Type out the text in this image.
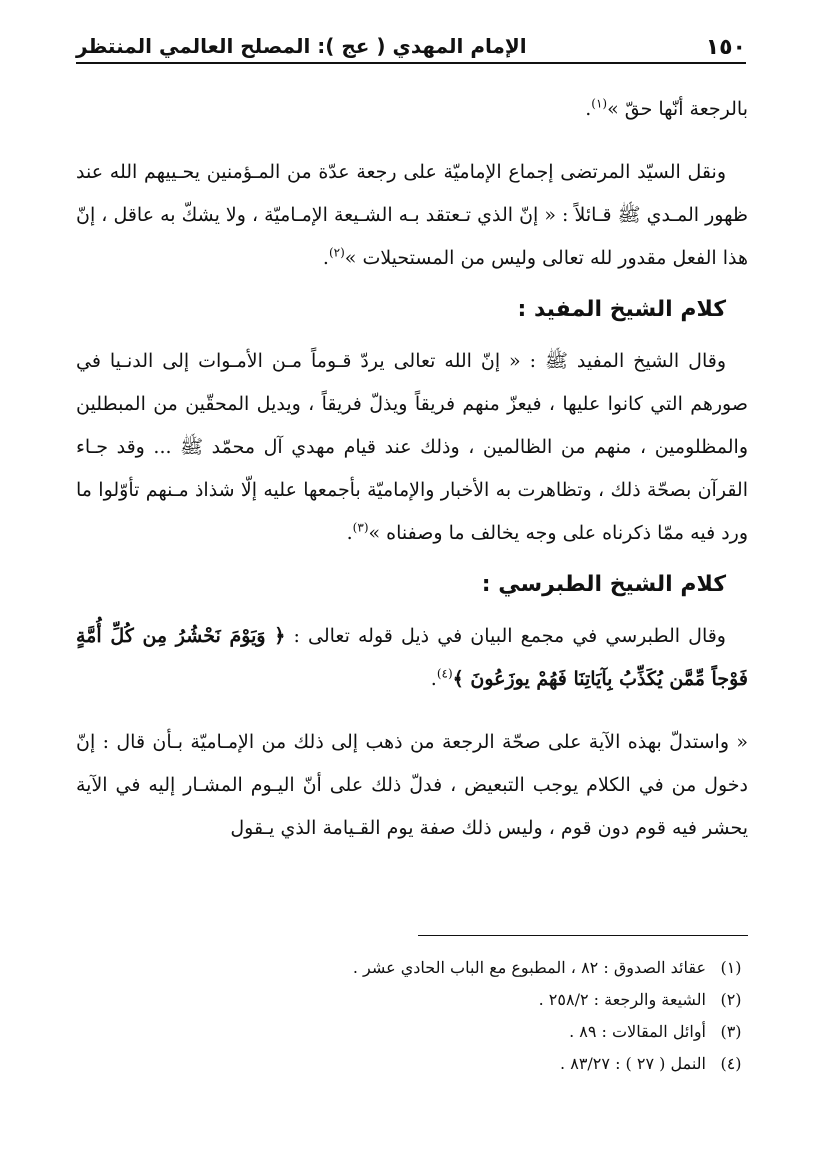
١٥٠
الإمام المهدي ( عج ): المصلح العالمي المنتظر

بالرجعة أنّها حقّ »$^{(١)}$.

ونقل السيّد المرتضى إجماع الإماميّة على رجعة عدّة من المـؤمنين يحـييهم الله عند ظهور المـدي ﷺ قـائلاً : « إنّ الذي تـعتقد بـه الشـيعة الإمـاميّة ، ولا يشكّ به عاقل ، إنّ هذا الفعل مقدور لله تعالى وليس من المستحيلات »$^{(٢)}$.

كلام الشيخ المفيد :

وقال الشيخ المفيد ﷺ : « إنّ الله تعالى يردّ قـوماً مـن الأمـوات إلى الدنـيا في صورهم التي كانوا عليها ، فيعزّ منهم فريقاً ويذلّ فريقاً ، ويديل المحقّين من المبطلين والمظلومين ، منهم من الظالمين ، وذلك عند قيام مهدي آل محمّد ﷺ ... وقد جـاء القرآن بصحّة ذلك ، وتظاهرت به الأخبار والإماميّة بأجمعها عليه إلّا شذاذ مـنهم تأوّلوا ما ورد فيه ممّا ذكرناه على وجه يخالف ما وصفناه »$^{(٣)}$.

كلام الشيخ الطبرسي :

وقال الطبرسي في مجمع البيان في ذيل قوله تعالى : ﴿ وَيَوْمَ نَحْشُرُ مِن كُلِّ أُمَّةٍ فَوْجاً مِّمَّن يُكَذِّبُ بِآيَاتِنَا فَهُمْ يوزَعُونَ ﴾$^{(٤)}$.

« واستدلّ بهذه الآية على صحّة الرجعة من ذهب إلى ذلك من الإمـاميّة بـأن قال : إنّ دخول من في الكلام يوجب التبعيض ، فدلّ ذلك على أنّ اليـوم المشـار إليه في الآية يحشر فيه قوم دون قوم ، وليس ذلك صفة يوم القـيامة الذي يـقول

(١)
عقائد الصدوق : ٨٢ ، المطبوع مع الباب الحادي عشر .
(٢)
الشيعة والرجعة : ٢٥٨/٢ .
(٣)
أوائل المقالات : ٨٩ .
(٤)
النمل ( ٢٧ ) : ٨٣/٢٧ .
